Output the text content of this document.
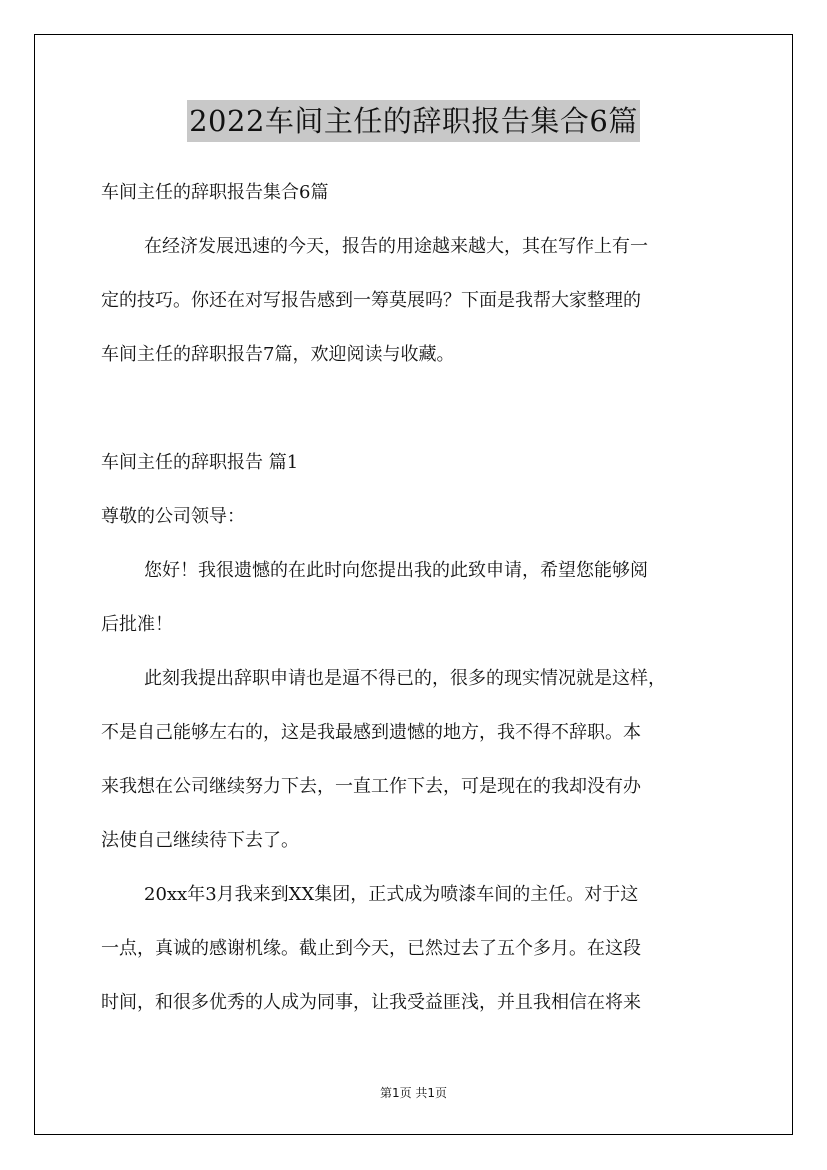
2022车间主任的辞职报告集合6篇
车间主任的辞职报告集合6篇
在经济发展迅速的今天，报告的用途越来越大，其在写作上有一
定的技巧。你还在对写报告感到一筹莫展吗？下面是我帮大家整理的
车间主任的辞职报告7篇，欢迎阅读与收藏。
车间主任的辞职报告 篇1
尊敬的公司领导：
您好！我很遗憾的在此时向您提出我的此致申请，希望您能够阅
后批准！
此刻我提出辞职申请也是逼不得已的，很多的现实情况就是这样，
不是自己能够左右的，这是我最感到遗憾的地方，我不得不辞职。本
来我想在公司继续努力下去，一直工作下去，可是现在的我却没有办
法使自己继续待下去了。
20xx年3月我来到XX集团，正式成为喷漆车间的主任。对于这
一点，真诚的感谢机缘。截止到今天，已然过去了五个多月。在这段
时间，和很多优秀的人成为同事，让我受益匪浅，并且我相信在将来
第1页 共1页
